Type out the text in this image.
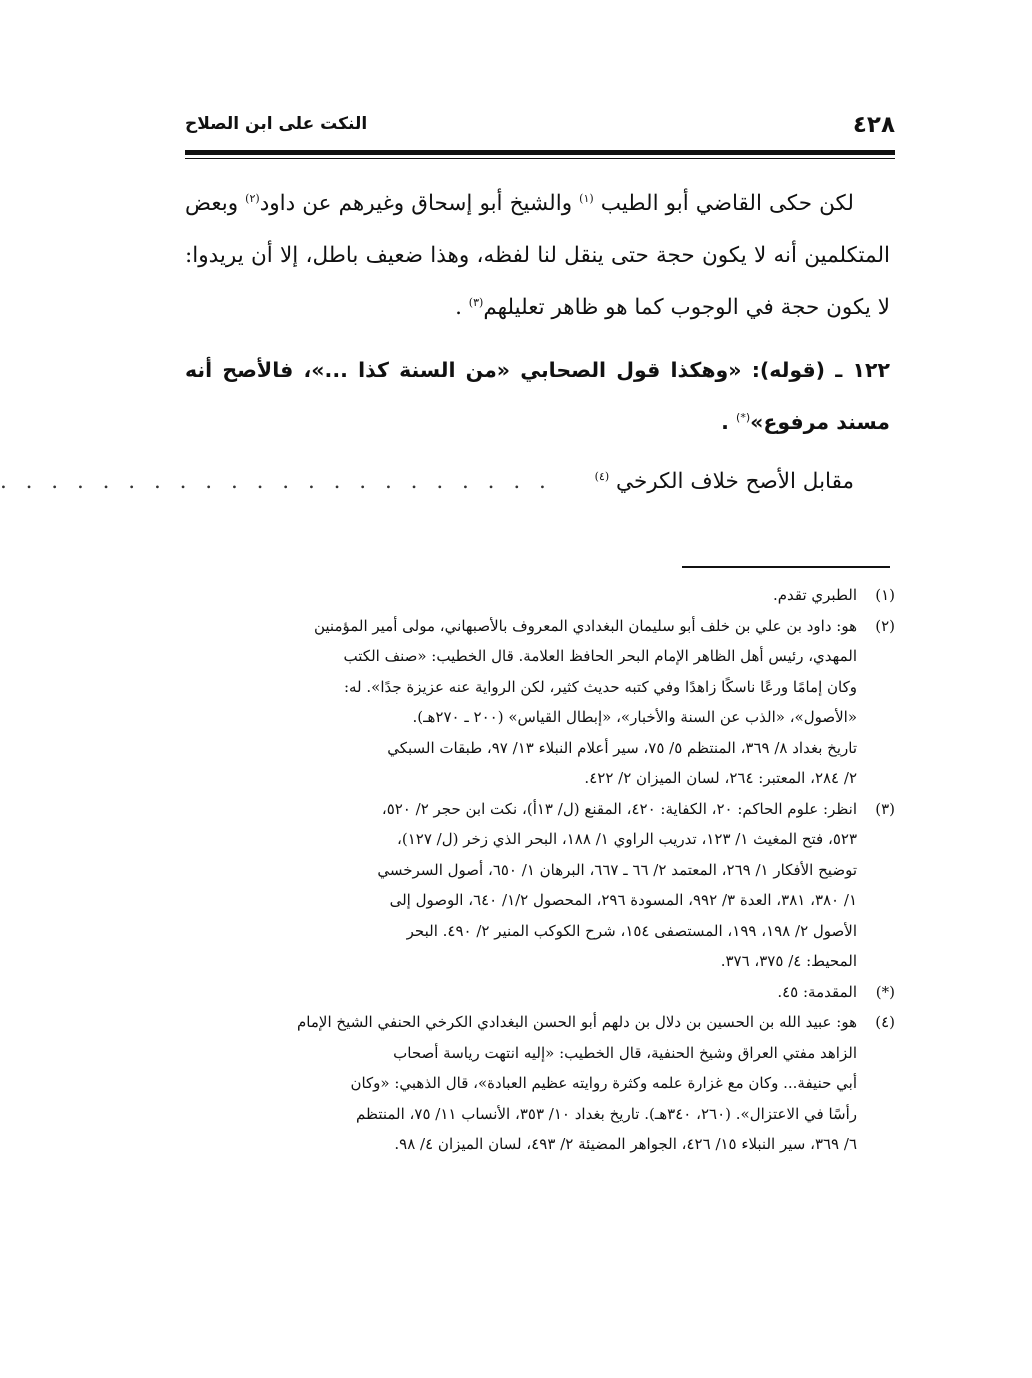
٤٢٨
النكت على ابن الصلاح

لكن حكى القاضي أبو الطيب $^{(١)}$ والشيخ أبو إسحاق وغيرهم عن داود$^{(٢)}$ وبعض المتكلمين أنه لا يكون حجة حتى ينقل لنا لفظه، وهذا ضعيف باطل، إلا أن يريدوا: لا يكون حجة في الوجوب كما هو ظاهر تعليلهم$^{(٣)}$ .

١٢٢ ـ (قوله): «وهكذا قول الصحابي «من السنة كذا ...»، فالأصح أنه مسند مرفوع»(*) .

مقابل الأصح خلاف الكرخي $^{(٤)}$ . . . . . . . . . . . . . . . . . . . . . .

(١)
الطبري تقدم.
(٢)
هو: داود بن علي بن خلف أبو سليمان البغدادي المعروف بالأصبهاني، مولى أمير المؤمنين
المهدي، رئيس أهل الظاهر الإمام البحر الحافظ العلامة. قال الخطيب: «صنف الكتب
وكان إمامًا ورعًا ناسكًا زاهدًا وفي كتبه حديث كثير، لكن الرواية عنه عزيزة جدًا». له:
«الأصول»، «الذب عن السنة والأخبار»، «إبطال القياس» (٢٠٠ ـ ٢٧٠هـ).
تاريخ بغداد ٨/ ٣٦٩، المنتظم ٥/ ٧٥، سير أعلام النبلاء ١٣/ ٩٧، طبقات السبكي
٢/ ٢٨٤، المعتبر: ٢٦٤، لسان الميزان ٢/ ٤٢٢.
(٣)
انظر: علوم الحاكم: ٢٠، الكفاية: ٤٢٠، المقنع (ل/ ١٣أ)، نكت ابن حجر ٢/ ٥٢٠،
٥٢٣، فتح المغيث ١/ ١٢٣، تدريب الراوي ١/ ١٨٨، البحر الذي زخر (ل/ ١٢٧)،
توضيح الأفكار ١/ ٢٦٩، المعتمد ٢/ ٦٦ ـ ٦٦٧، البرهان ١/ ٦٥٠، أصول السرخسي
١/ ٣٨٠، ٣٨١، العدة ٣/ ٩٩٢، المسودة ٢٩٦، المحصول ١/٢/ ٦٤٠، الوصول إلى
الأصول ٢/ ١٩٨، ١٩٩، المستصفى ١٥٤، شرح الكوكب المنير ٢/ ٤٩٠. البحر
المحيط: ٤/ ٣٧٥، ٣٧٦.
(*)
المقدمة: ٤٥.
(٤)
هو: عبيد الله بن الحسين بن دلال بن دلهم أبو الحسن البغدادي الكرخي الحنفي الشيخ الإمام
الزاهد مفتي العراق وشيخ الحنفية، قال الخطيب: «إليه انتهت رياسة أصحاب
أبي حنيفة... وكان مع غزارة علمه وكثرة روايته عظيم العبادة»، قال الذهبي: «وكان
رأسًا في الاعتزال». (٢٦٠، ٣٤٠هـ). تاريخ بغداد ١٠/ ٣٥٣، الأنساب ١١/ ٧٥، المنتظم
٦/ ٣٦٩، سير النبلاء ١٥/ ٤٢٦، الجواهر المضيئة ٢/ ٤٩٣، لسان الميزان ٤/ ٩٨.
